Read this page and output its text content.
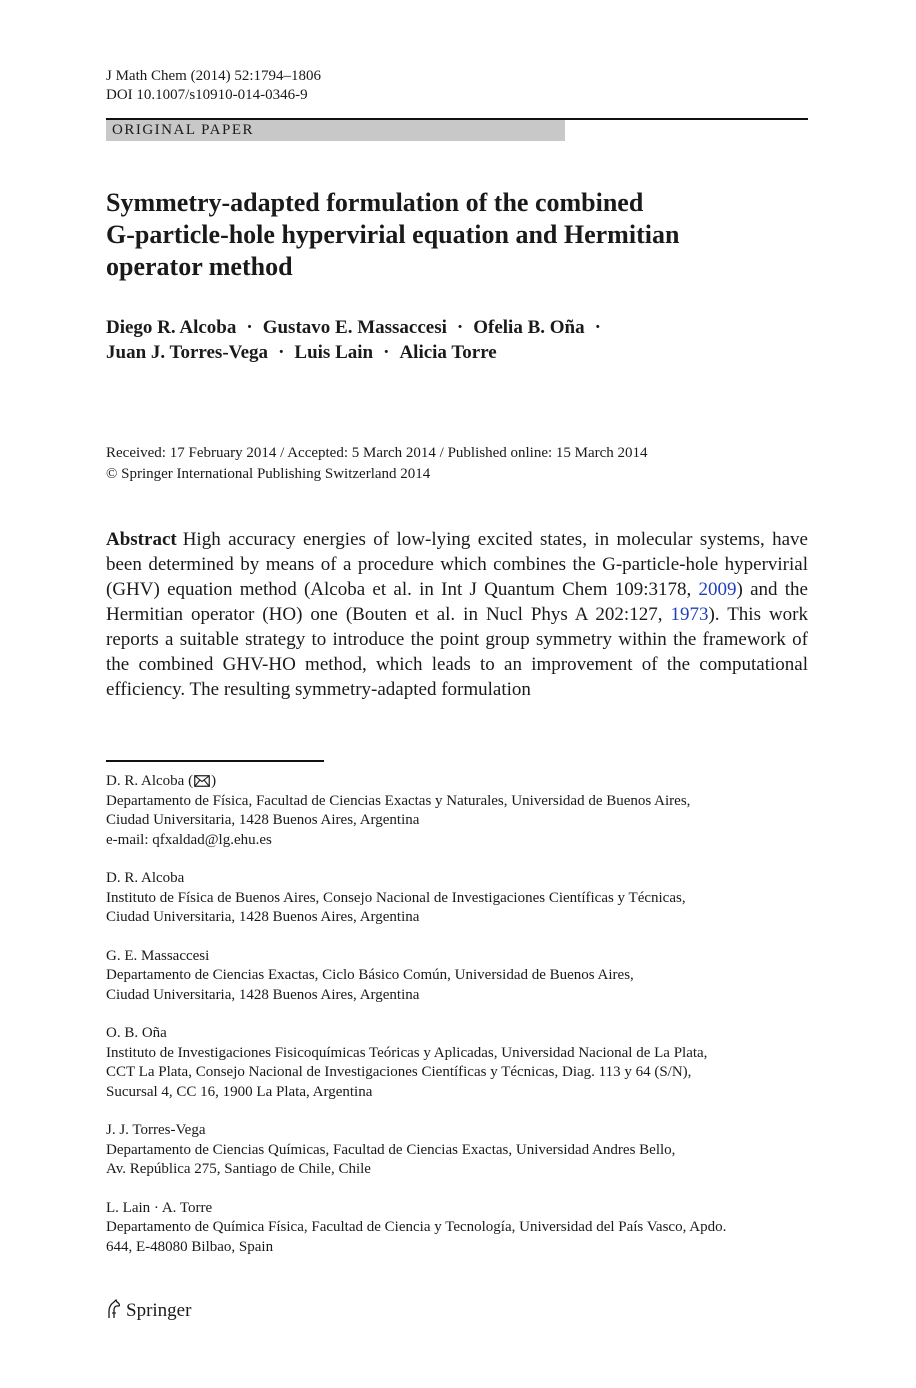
J Math Chem (2014) 52:1794–1806
DOI 10.1007/s10910-014-0346-9
ORIGINAL PAPER
Symmetry-adapted formulation of the combined
G-particle-hole hypervirial equation and Hermitian
operator method
Diego R. Alcoba · Gustavo E. Massaccesi · Ofelia B. Oña ·
Juan J. Torres-Vega · Luis Lain · Alicia Torre
Received: 17 February 2014 / Accepted: 5 March 2014 / Published online: 15 March 2014
© Springer International Publishing Switzerland 2014
Abstract High accuracy energies of low-lying excited states, in molecular systems, have been determined by means of a procedure which combines the G-particle-hole hypervirial (GHV) equation method (Alcoba et al. in Int J Quantum Chem 109:3178, 2009) and the Hermitian operator (HO) one (Bouten et al. in Nucl Phys A 202:127, 1973). This work reports a suitable strategy to introduce the point group symmetry within the framework of the combined GHV-HO method, which leads to an improvement of the computational efficiency. The resulting symmetry-adapted formulation
D. R. Alcoba ( )
Departamento de Física, Facultad de Ciencias Exactas y Naturales, Universidad de Buenos Aires,
Ciudad Universitaria, 1428 Buenos Aires, Argentina
e-mail: qfxaldad@lg.ehu.es
D. R. Alcoba
Instituto de Física de Buenos Aires, Consejo Nacional de Investigaciones Científicas y Técnicas,
Ciudad Universitaria, 1428 Buenos Aires, Argentina
G. E. Massaccesi
Departamento de Ciencias Exactas, Ciclo Básico Común, Universidad de Buenos Aires,
Ciudad Universitaria, 1428 Buenos Aires, Argentina
O. B. Oña
Instituto de Investigaciones Fisicoquímicas Teóricas y Aplicadas, Universidad Nacional de La Plata,
CCT La Plata, Consejo Nacional de Investigaciones Científicas y Técnicas, Diag. 113 y 64 (S/N),
Sucursal 4, CC 16, 1900 La Plata, Argentina
J. J. Torres-Vega
Departamento de Ciencias Químicas, Facultad de Ciencias Exactas, Universidad Andres Bello,
Av. República 275, Santiago de Chile, Chile
L. Lain · A. Torre
Departamento de Química Física, Facultad de Ciencia y Tecnología, Universidad del País Vasco, Apdo.
644, E-48080 Bilbao, Spain
Springer
